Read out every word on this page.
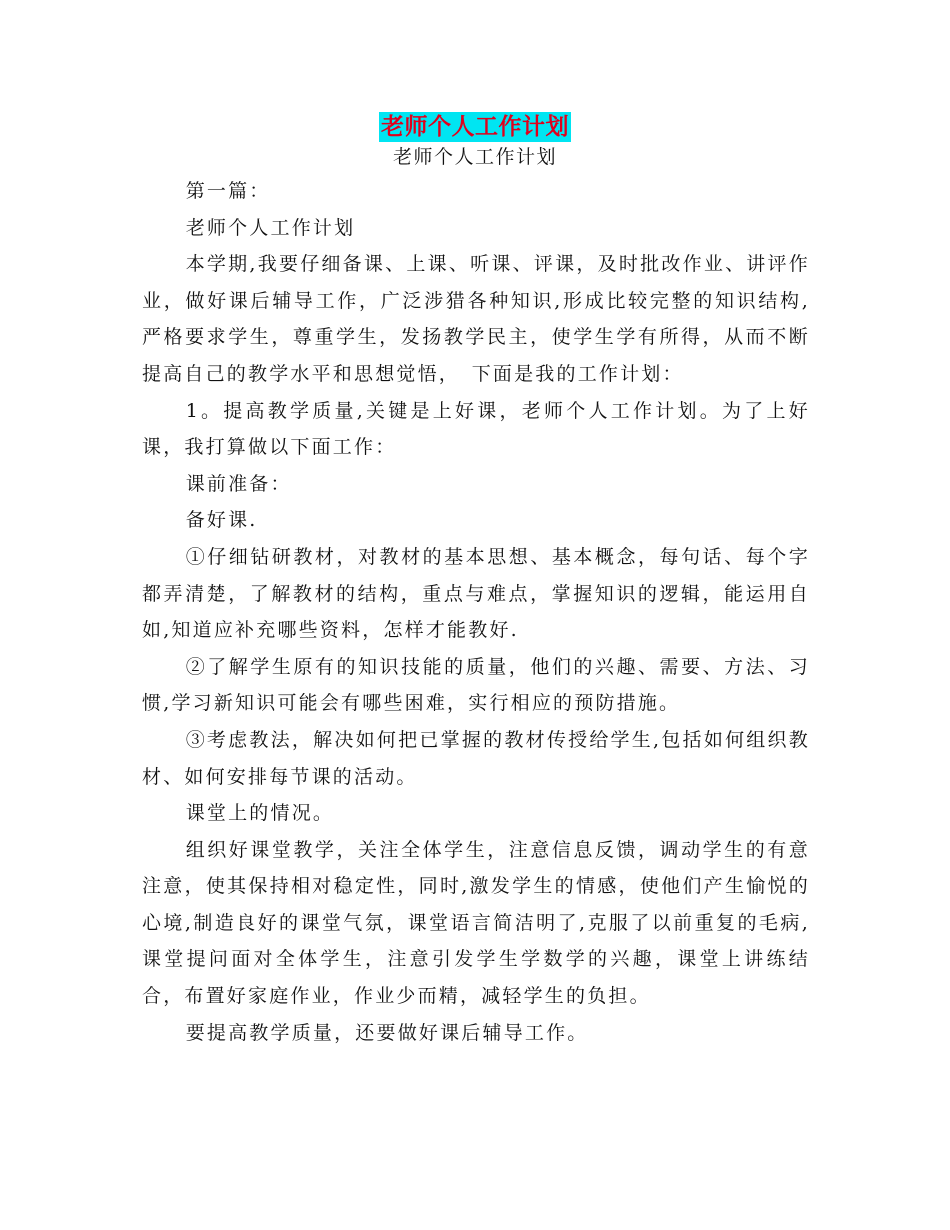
老师个人工作计划
老师个人工作计划

第一篇：

老师个人工作计划

本学期,我要仔细备课、上课、听课、评课，及时批改作业、讲评作业，做好课后辅导工作，广泛涉猎各种知识,形成比较完整的知识结构,严格要求学生，尊重学生，发扬教学民主，使学生学有所得，从而不断提高自己的教学水平和思想觉悟，　下面是我的工作计划：

1。提高教学质量,关键是上好课，老师个人工作计划。为了上好课，我打算做以下面工作：

课前准备：

备好课.

①仔细钻研教材，对教材的基本思想、基本概念，每句话、每个字都弄清楚，了解教材的结构，重点与难点，掌握知识的逻辑，能运用自如,知道应补充哪些资料，怎样才能教好.

②了解学生原有的知识技能的质量，他们的兴趣、需要、方法、习惯,学习新知识可能会有哪些困难，实行相应的预防措施。

③考虑教法，解决如何把已掌握的教材传授给学生,包括如何组织教材、如何安排每节课的活动。

课堂上的情况。

组织好课堂教学，关注全体学生，注意信息反馈，调动学生的有意注意，使其保持相对稳定性，同时,激发学生的情感，使他们产生愉悦的心境,制造良好的课堂气氛，课堂语言简洁明了,克服了以前重复的毛病,课堂提问面对全体学生，注意引发学生学数学的兴趣，课堂上讲练结合，布置好家庭作业，作业少而精，减轻学生的负担。

要提高教学质量，还要做好课后辅导工作。
